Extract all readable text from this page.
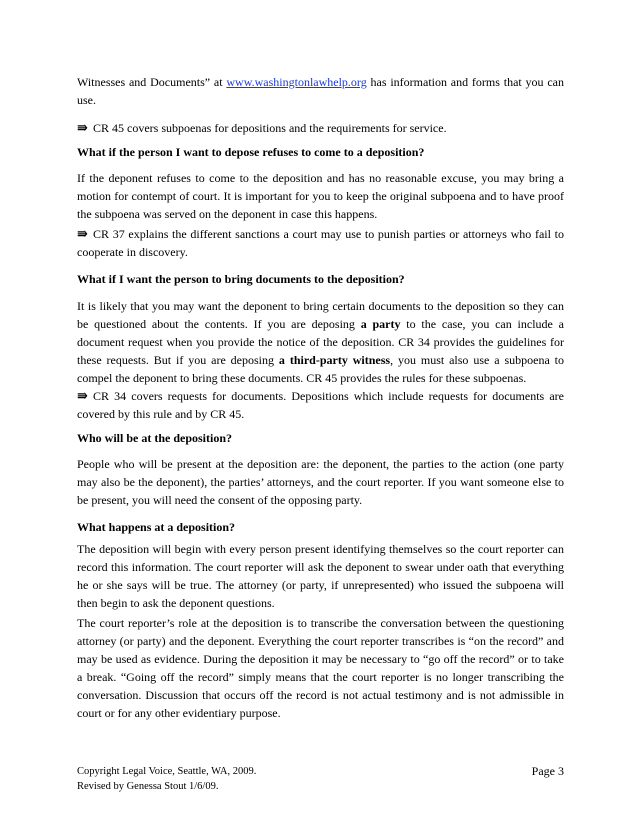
Witnesses and Documents” at www.washingtonlawhelp.org has information and forms that you can use.
⇛ CR 45 covers subpoenas for depositions and the requirements for service.
What if the person I want to depose refuses to come to a deposition?
If the deponent refuses to come to the deposition and has no reasonable excuse, you may bring a motion for contempt of court. It is important for you to keep the original subpoena and to have proof the subpoena was served on the deponent in case this happens.
⇛ CR 37 explains the different sanctions a court may use to punish parties or attorneys who fail to cooperate in discovery.
What if I want the person to bring documents to the deposition?
It is likely that you may want the deponent to bring certain documents to the deposition so they can be questioned about the contents. If you are deposing a party to the case, you can include a document request when you provide the notice of the deposition. CR 34 provides the guidelines for these requests. But if you are deposing a third-party witness, you must also use a subpoena to compel the deponent to bring these documents. CR 45 provides the rules for these subpoenas.
⇛ CR 34 covers requests for documents. Depositions which include requests for documents are covered by this rule and by CR 45.
Who will be at the deposition?
People who will be present at the deposition are: the deponent, the parties to the action (one party may also be the deponent), the parties’ attorneys, and the court reporter. If you want someone else to be present, you will need the consent of the opposing party.
What happens at a deposition?
The deposition will begin with every person present identifying themselves so the court reporter can record this information. The court reporter will ask the deponent to swear under oath that everything he or she says will be true. The attorney (or party, if unrepresented) who issued the subpoena will then begin to ask the deponent questions.
The court reporter’s role at the deposition is to transcribe the conversation between the questioning attorney (or party) and the deponent. Everything the court reporter transcribes is “on the record” and may be used as evidence. During the deposition it may be necessary to “go off the record” or to take a break. “Going off the record” simply means that the court reporter is no longer transcribing the conversation. Discussion that occurs off the record is not actual testimony and is not admissible in court or for any other evidentiary purpose.
Copyright Legal Voice, Seattle, WA, 2009.
Revised by Genessa Stout 1/6/09.
Page 3
